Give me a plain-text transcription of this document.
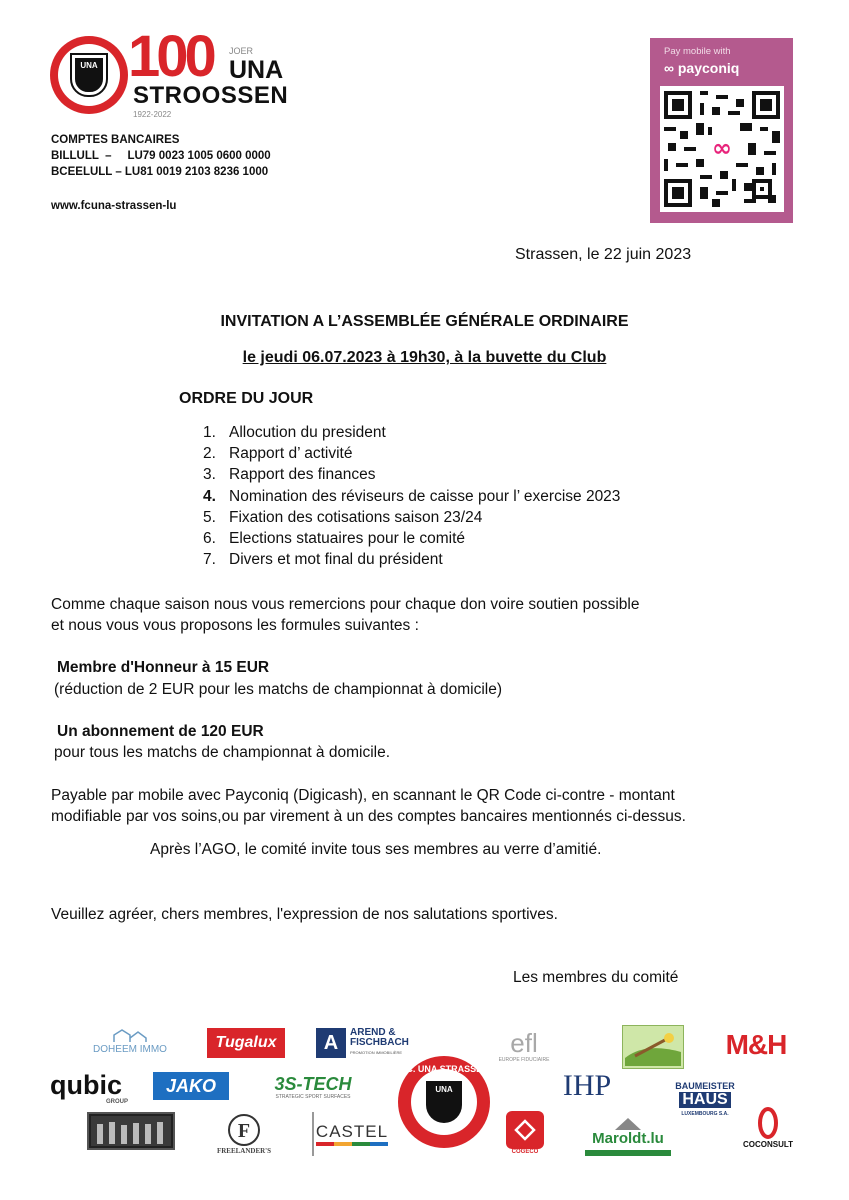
UNA 100 JOER
UNA
STROOSSEN
1922-2022
COMPTES BANCAIRES
BILLULL  –     LU79 0023 1005 0600 0000
BCEELULL – LU81 0019 2103 8236 1000
www.fcuna-strassen-lu
Pay mobile with
∞ payconiq
∞
Strassen, le 22 juin 2023
INVITATION A L’ASSEMBLÉE GÉNÉRALE ORDINAIRE
le jeudi 06.07.2023 à 19h30, à la buvette du Club
ORDRE DU JOUR
1. Allocution du president
2. Rapport d’ activité
3. Rapport des finances
4. Nomination des réviseurs de caisse pour l’ exercise 2023
5. Fixation des cotisations saison 23/24
6. Elections statuaires pour le comité
7. Divers et mot final du président
Comme chaque saison nous vous remercions pour chaque don voire soutien possible
et nous vous vous proposons les formules suivantes :
Membre d'Honneur à 15 EUR
(réduction de 2 EUR pour les matchs de championnat à domicile)
Un abonnement de 120 EUR
pour tous les matchs de championnat à domicile.
Payable par mobile avec Payconiq (Digicash), en scannant le QR Code ci-contre - montant
modifiable par vos soins,ou par virement à un des comptes bancaires mentionnés ci-dessus.
Après l’AGO, le comité invite tous ses membres au verre d’amitié.
Veuillez agréer, chers membres, l'expression de nos salutations sportives.
Les membres du comité
DOHEEM IMMO	Tugalux	A	AREND &
FISCHBACH
PROMOTION IMMOBILIÈRE	efl
EUROPE FIDUCIAIRE	M&H
qubic
GROUP
JAKO	3S-TECH
STRATEGIC SPORT SURFACES	IHP	BAUMEISTER
HAUS
LUXEMBOURG S.A.
F.C. UNA STRASSEN
UNA
F
FREELANDER'S
CASTEL
COGECO
Maroldt.lu	COCONSULT
